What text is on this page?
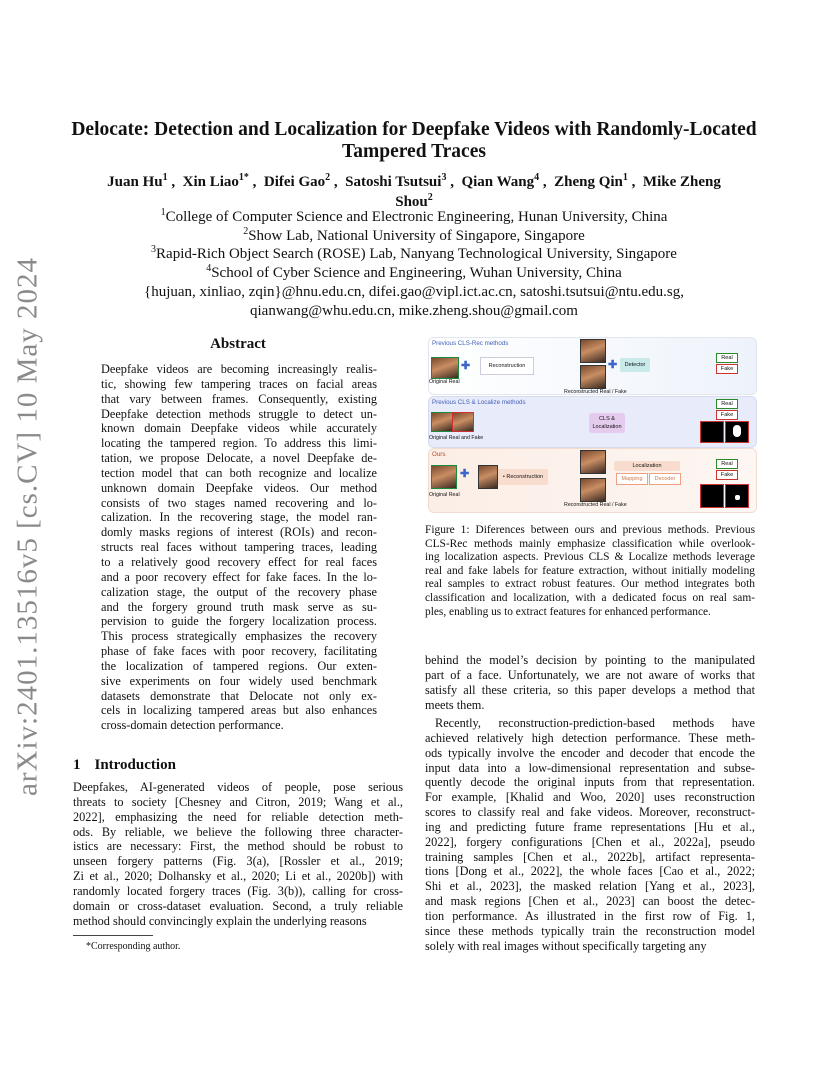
arXiv:2401.13516v5 [cs.CV] 10 May 2024
Delocate: Detection and Localization for Deepfake Videos with Randomly-Located
Tampered Traces
Juan Hu$^1$ ,  Xin Liao$^{1*}$ ,  Difei Gao$^2$ ,  Satoshi Tsutsui$^3$ ,  Qian Wang$^4$ ,  Zheng Qin$^1$ ,  Mike Zheng
Shou$^2$
$^1$College of Computer Science and Electronic Engineering, Hunan University, China
$^2$Show Lab, National University of Singapore, Singapore
$^3$Rapid-Rich Object Search (ROSE) Lab, Nanyang Technological University, Singapore
$^4$School of Cyber Science and Engineering, Wuhan University, China
{hujuan, xinliao, zqin}@hnu.edu.cn, difei.gao@vipl.ict.ac.cn, satoshi.tsutsui@ntu.edu.sg,
qianwang@whu.edu.cn, mike.zheng.shou@gmail.com
Abstract
Deepfake videos are becoming increasingly realis-
tic, showing few tampering traces on facial areas
that vary between frames. Consequently, existing
Deepfake detection methods struggle to detect un-
known domain Deepfake videos while accurately
locating the tampered region. To address this limi-
tation, we propose Delocate, a novel Deepfake de-
tection model that can both recognize and localize
unknown domain Deepfake videos. Our method
consists of two stages named recovering and lo-
calization. In the recovering stage, the model ran-
domly masks regions of interest (ROIs) and recon-
structs real faces without tampering traces, leading
to a relatively good recovery effect for real faces
and a poor recovery effect for fake faces. In the lo-
calization stage, the output of the recovery phase
and the forgery ground truth mask serve as su-
pervision to guide the forgery localization process.
This process strategically emphasizes the recovery
phase of fake faces with poor recovery, facilitating
the localization of tampered regions. Our exten-
sive experiments on four widely used benchmark
datasets demonstrate that Delocate not only ex-
cels in localizing tampered areas but also enhances
cross-domain detection performance.
1 Introduction
Deepfakes, AI-generated videos of people, pose serious
threats to society [Chesney and Citron, 2019; Wang et al.,
2022], emphasizing the need for reliable detection meth-
ods. By reliable, we believe the following three character-
istics are necessary: First, the method should be robust to
unseen forgery patterns (Fig. 3(a), [Rossler et al., 2019;
Zi et al., 2020; Dolhansky et al., 2020; Li et al., 2020b]) with
randomly located forgery traces (Fig. 3(b)), calling for cross-
domain or cross-dataset evaluation. Second, a truly reliable
method should convincingly explain the underlying reasons
*Corresponding author.
Previous CLS-Rec methods
Original Real
✚	Reconstruction	✚	Detector
Reconstructed Real / Fake
Real
Fake
Previous CLS & Localize methods
Original Real and Fake
CLS & Localization
Real
Fake
Ours
Original Real
✚	• Reconstruction
Reconstructed Real / Fake
Localization
Mapping	Decoder
Real
Fake
Figure 1: Diferences between ours and previous methods. Previous
CLS-Rec methods mainly emphasize classification while overlook-
ing localization aspects. Previous CLS & Localize methods leverage
real and fake labels for feature extraction, without initially modeling
real samples to extract robust features. Our method integrates both
classification and localization, with a dedicated focus on real sam-
ples, enabling us to extract features for enhanced performance.
behind the model’s decision by pointing to the manipulated
part of a face. Unfortunately, we are not aware of works that
satisfy all these criteria, so this paper develops a method that
meets them.
Recently, reconstruction-prediction-based methods have
achieved relatively high detection performance. These meth-
ods typically involve the encoder and decoder that encode the
input data into a low-dimensional representation and subse-
quently decode the original inputs from that representation.
For example, [Khalid and Woo, 2020] uses reconstruction
scores to classify real and fake videos. Moreover, reconstruct-
ing and predicting future frame representations [Hu et al.,
2022], forgery configurations [Chen et al., 2022a], pseudo
training samples [Chen et al., 2022b], artifact representa-
tions [Dong et al., 2022], the whole faces [Cao et al., 2022;
Shi et al., 2023], the masked relation [Yang et al., 2023],
and mask regions [Chen et al., 2023] can boost the detec-
tion performance. As illustrated in the first row of Fig. 1,
since these methods typically train the reconstruction model
solely with real images without specifically targeting any
